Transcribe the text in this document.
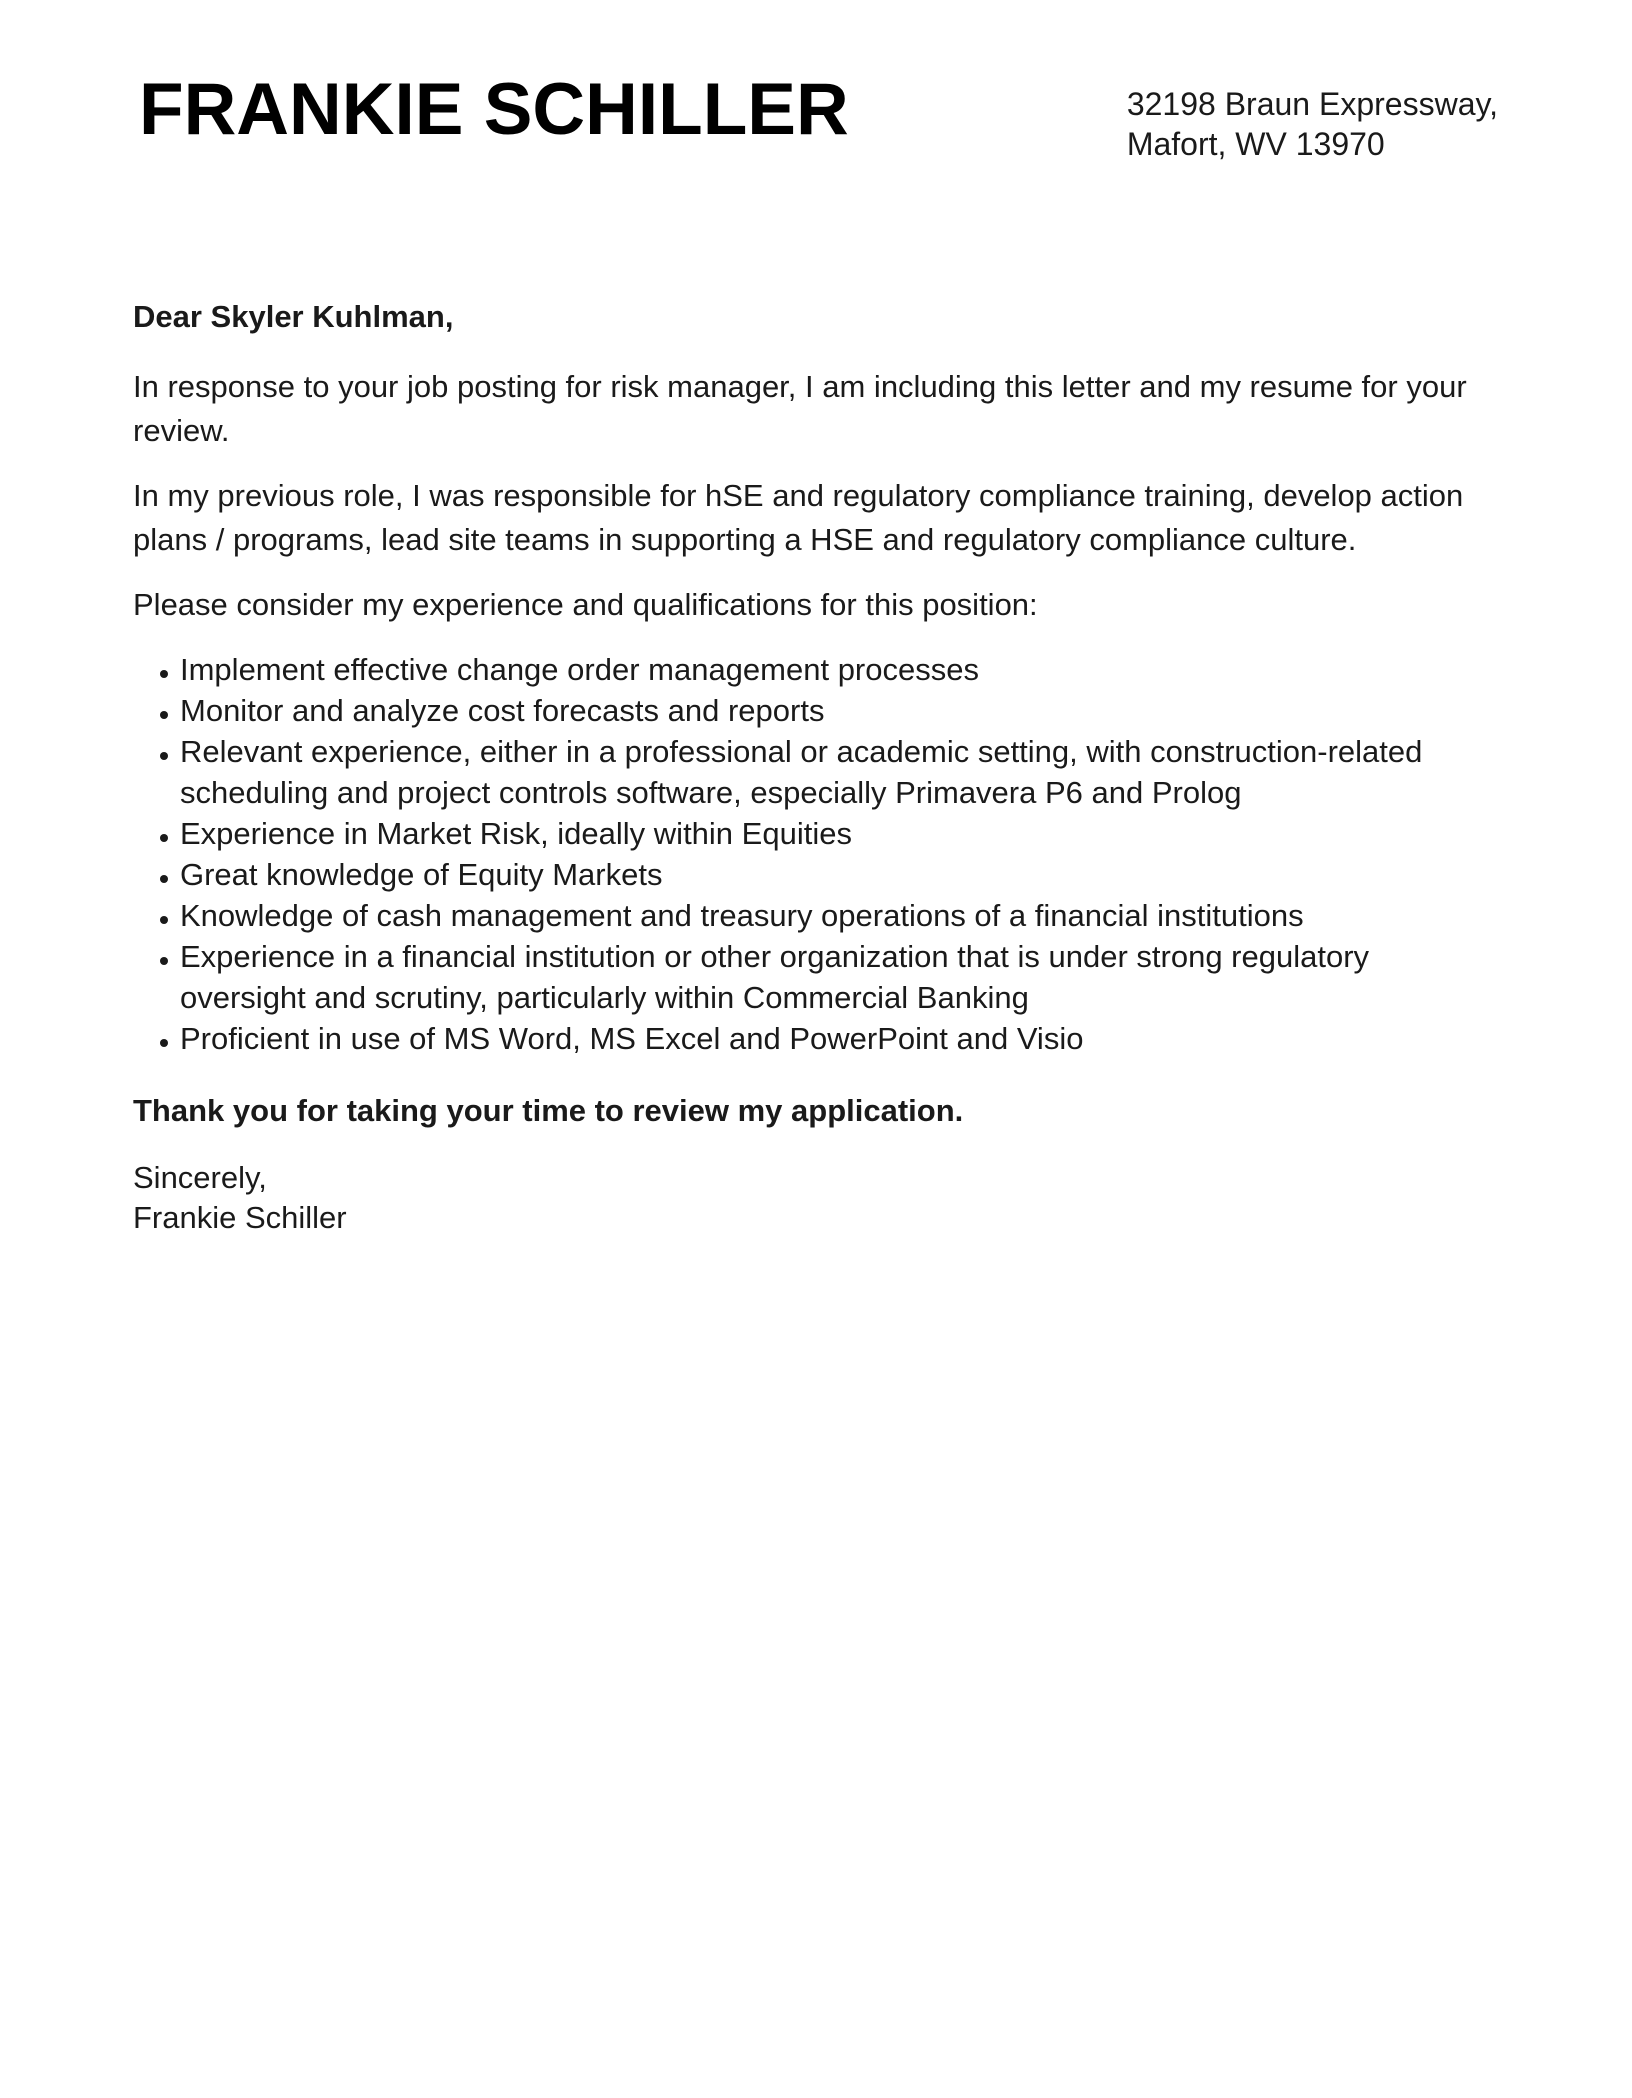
FRANKIE SCHILLER	32198 Braun Expressway,
Mafort, WV 13970

Dear Skyler Kuhlman,

In response to your job posting for risk manager, I am including this letter and my resume for your review.

In my previous role, I was responsible for hSE and regulatory compliance training, develop action plans / programs, lead site teams in supporting a HSE and regulatory compliance culture.

Please consider my experience and qualifications for this position:

Implement effective change order management processes
Monitor and analyze cost forecasts and reports
Relevant experience, either in a professional or academic setting, with construction-related scheduling and project controls software, especially Primavera P6 and Prolog
Experience in Market Risk, ideally within Equities
Great knowledge of Equity Markets
Knowledge of cash management and treasury operations of a financial institutions
Experience in a financial institution or other organization that is under strong regulatory oversight and scrutiny, particularly within Commercial Banking
Proficient in use of MS Word, MS Excel and PowerPoint and Visio

Thank you for taking your time to review my application.

Sincerely,
Frankie Schiller
